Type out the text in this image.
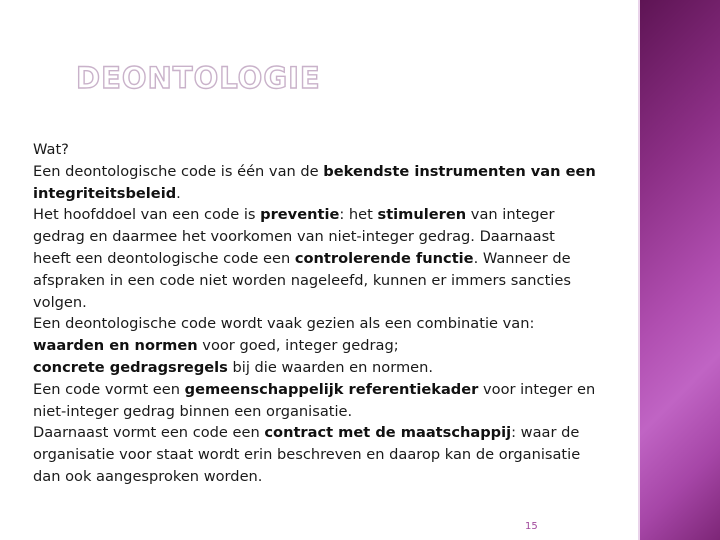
DEONTOLOGIE
Wat?
Een deontologische code is één van de bekendste instrumenten van een
integriteitsbeleid.
Het hoofddoel van een code is preventie: het stimuleren van integer
gedrag en daarmee het voorkomen van niet-integer gedrag. Daarnaast
heeft een deontologische code een controlerende functie. Wanneer de
afspraken in een code niet worden nageleefd, kunnen er immers sancties
volgen.
Een deontologische code wordt vaak gezien als een combinatie van:
waarden en normen voor goed, integer gedrag;
concrete gedragsregels bij die waarden en normen.
Een code vormt een gemeenschappelijk referentiekader voor integer en
niet-integer gedrag binnen een organisatie.
Daarnaast vormt een code een contract met de maatschappij: waar de
organisatie voor staat wordt erin beschreven en daarop kan de organisatie
dan ook aangesproken worden.
15
